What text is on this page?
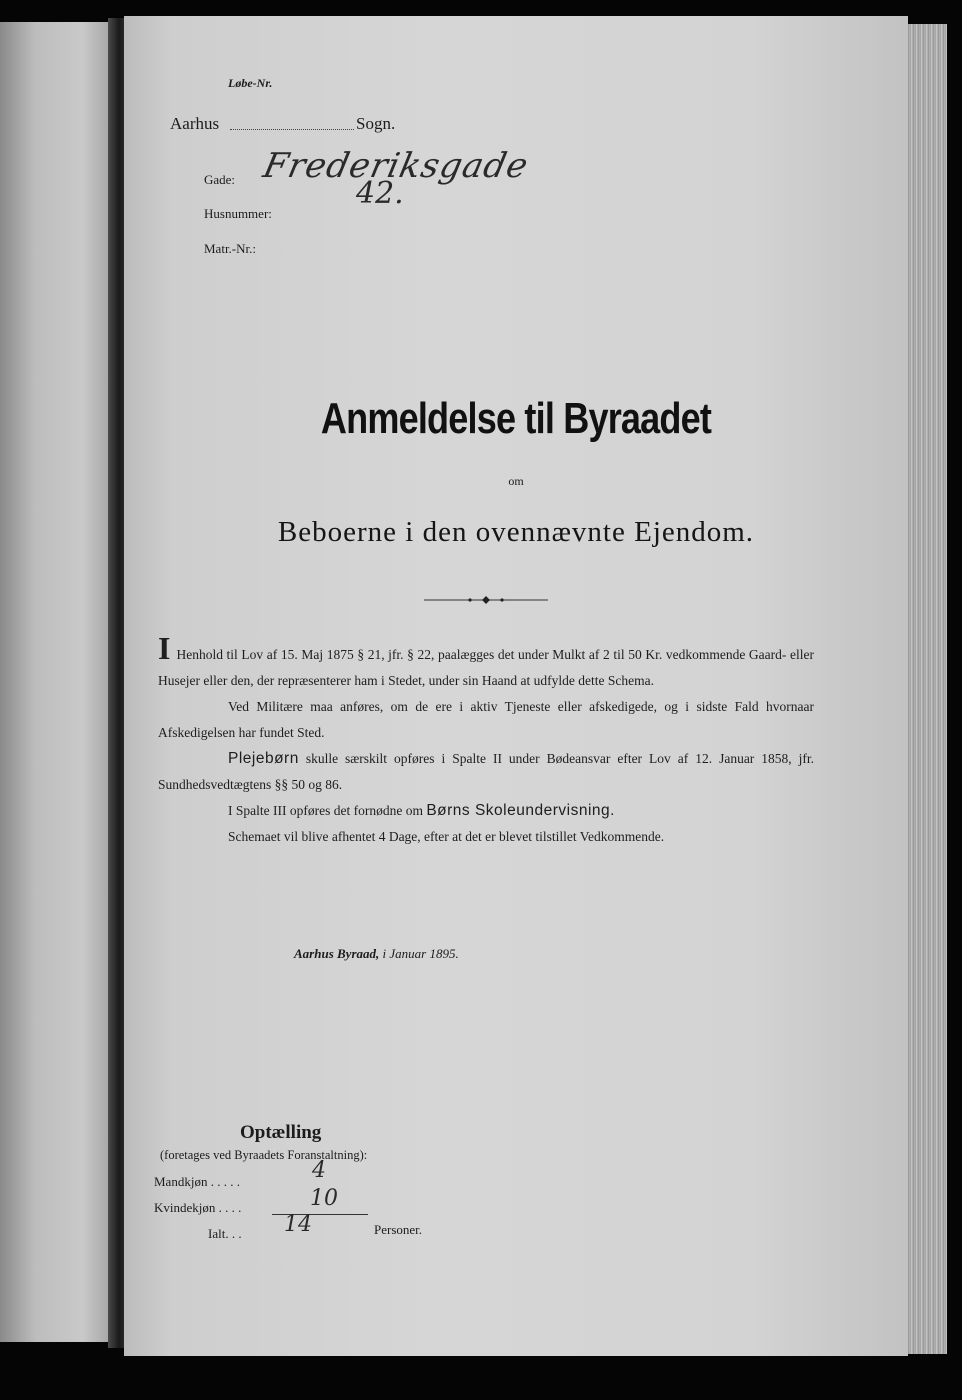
Løbe-Nr.
Aarhus	Sogn.
Gade: Frederiksgade
Husnummer:
42.
Matr.-Nr.:
Anmeldelse til Byraadet
om
Beboerne i den ovennævnte Ejendom.

I Henhold til Lov af 15. Maj 1875 § 21, jfr. § 22, paalægges det under Mulkt af 2 til 50 Kr. vedkommende Gaard- eller Husejer eller den, der repræsenterer ham i Stedet, under sin Haand at udfylde dette Schema.

Ved Militære maa anføres, om de ere i aktiv Tjeneste eller afskedigede, og i sidste Fald hvornaar Afskedigelsen har fundet Sted.

Plejebørn skulle særskilt opføres i Spalte II under Bødeansvar efter Lov af 12. Januar 1858, jfr. Sundhedsvedtægtens §§ 50 og 86.

I Spalte III opføres det fornødne om Børns Skoleundervisning.

Schemaet vil blive afhentet 4 Dage, efter at det er blevet tilstillet Vedkommende.

Aarhus Byraad, i Januar 1895.
Optælling
(foretages ved Byraadets Foranstaltning):
Mandkjøn . . . . .	4
Kvindekjøn . . . .	10
Ialt. . . 14	Personer.
